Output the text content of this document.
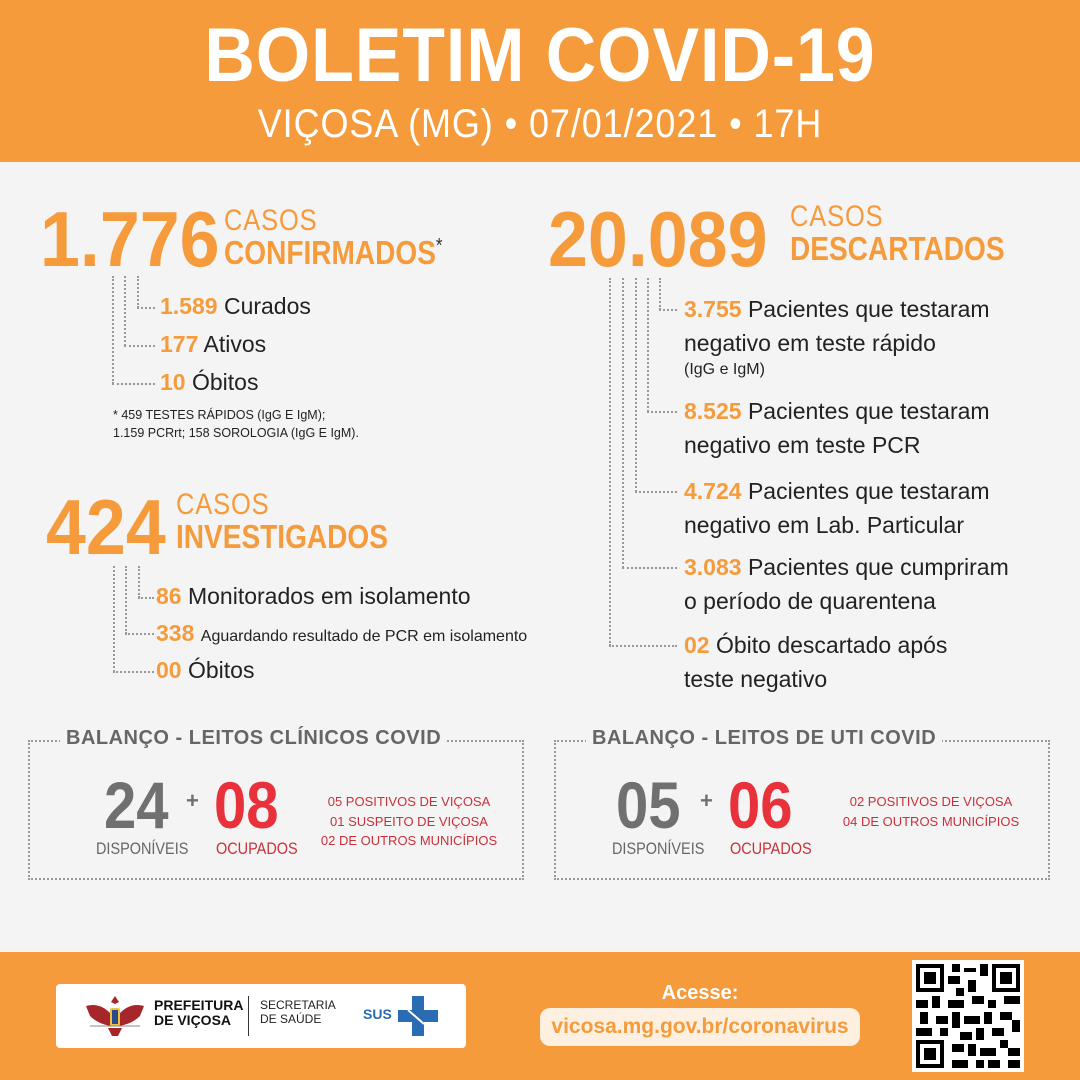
BOLETIM COVID-19
VIÇOSA (MG) • 07/01/2021 • 17H
1.776 CASOS
CONFIRMADOS*
1.589 Curados
177 Ativos
10 Óbitos
* 459 TESTES RÁPIDOS (IgG E IgM);
1.159 PCRrt; 158 SOROLOGIA (IgG E IgM).
424 CASOS
INVESTIGADOS
86 Monitorados em isolamento
338 Aguardando resultado de PCR em isolamento
00 Óbitos
20.089 CASOS
DESCARTADOS
3.755 Pacientes que testaram
negativo em teste rápido
(IgG e IgM)
8.525 Pacientes que testaram
negativo em teste PCR
4.724 Pacientes que testaram
negativo em Lab. Particular
3.083 Pacientes que cumpriram
o período de quarentena
02 Óbito descartado após
teste negativo
BALANÇO - LEITOS CLÍNICOS COVID
24 + 08
DISPONÍVEIS OCUPADOS
05 POSITIVOS DE VIÇOSA
01 SUSPEITO DE VIÇOSA
02 DE OUTROS MUNICÍPIOS
BALANÇO - LEITOS DE UTI COVID
05 + 06
DISPONÍVEIS OCUPADOS
02 POSITIVOS DE VIÇOSA
04 DE OUTROS MUNICÍPIOS
PREFEITURA
DE VIÇOSA
SECRETARIA
DE SAÚDE	SUS
Acesse:
vicosa.mg.gov.br/coronavirus
